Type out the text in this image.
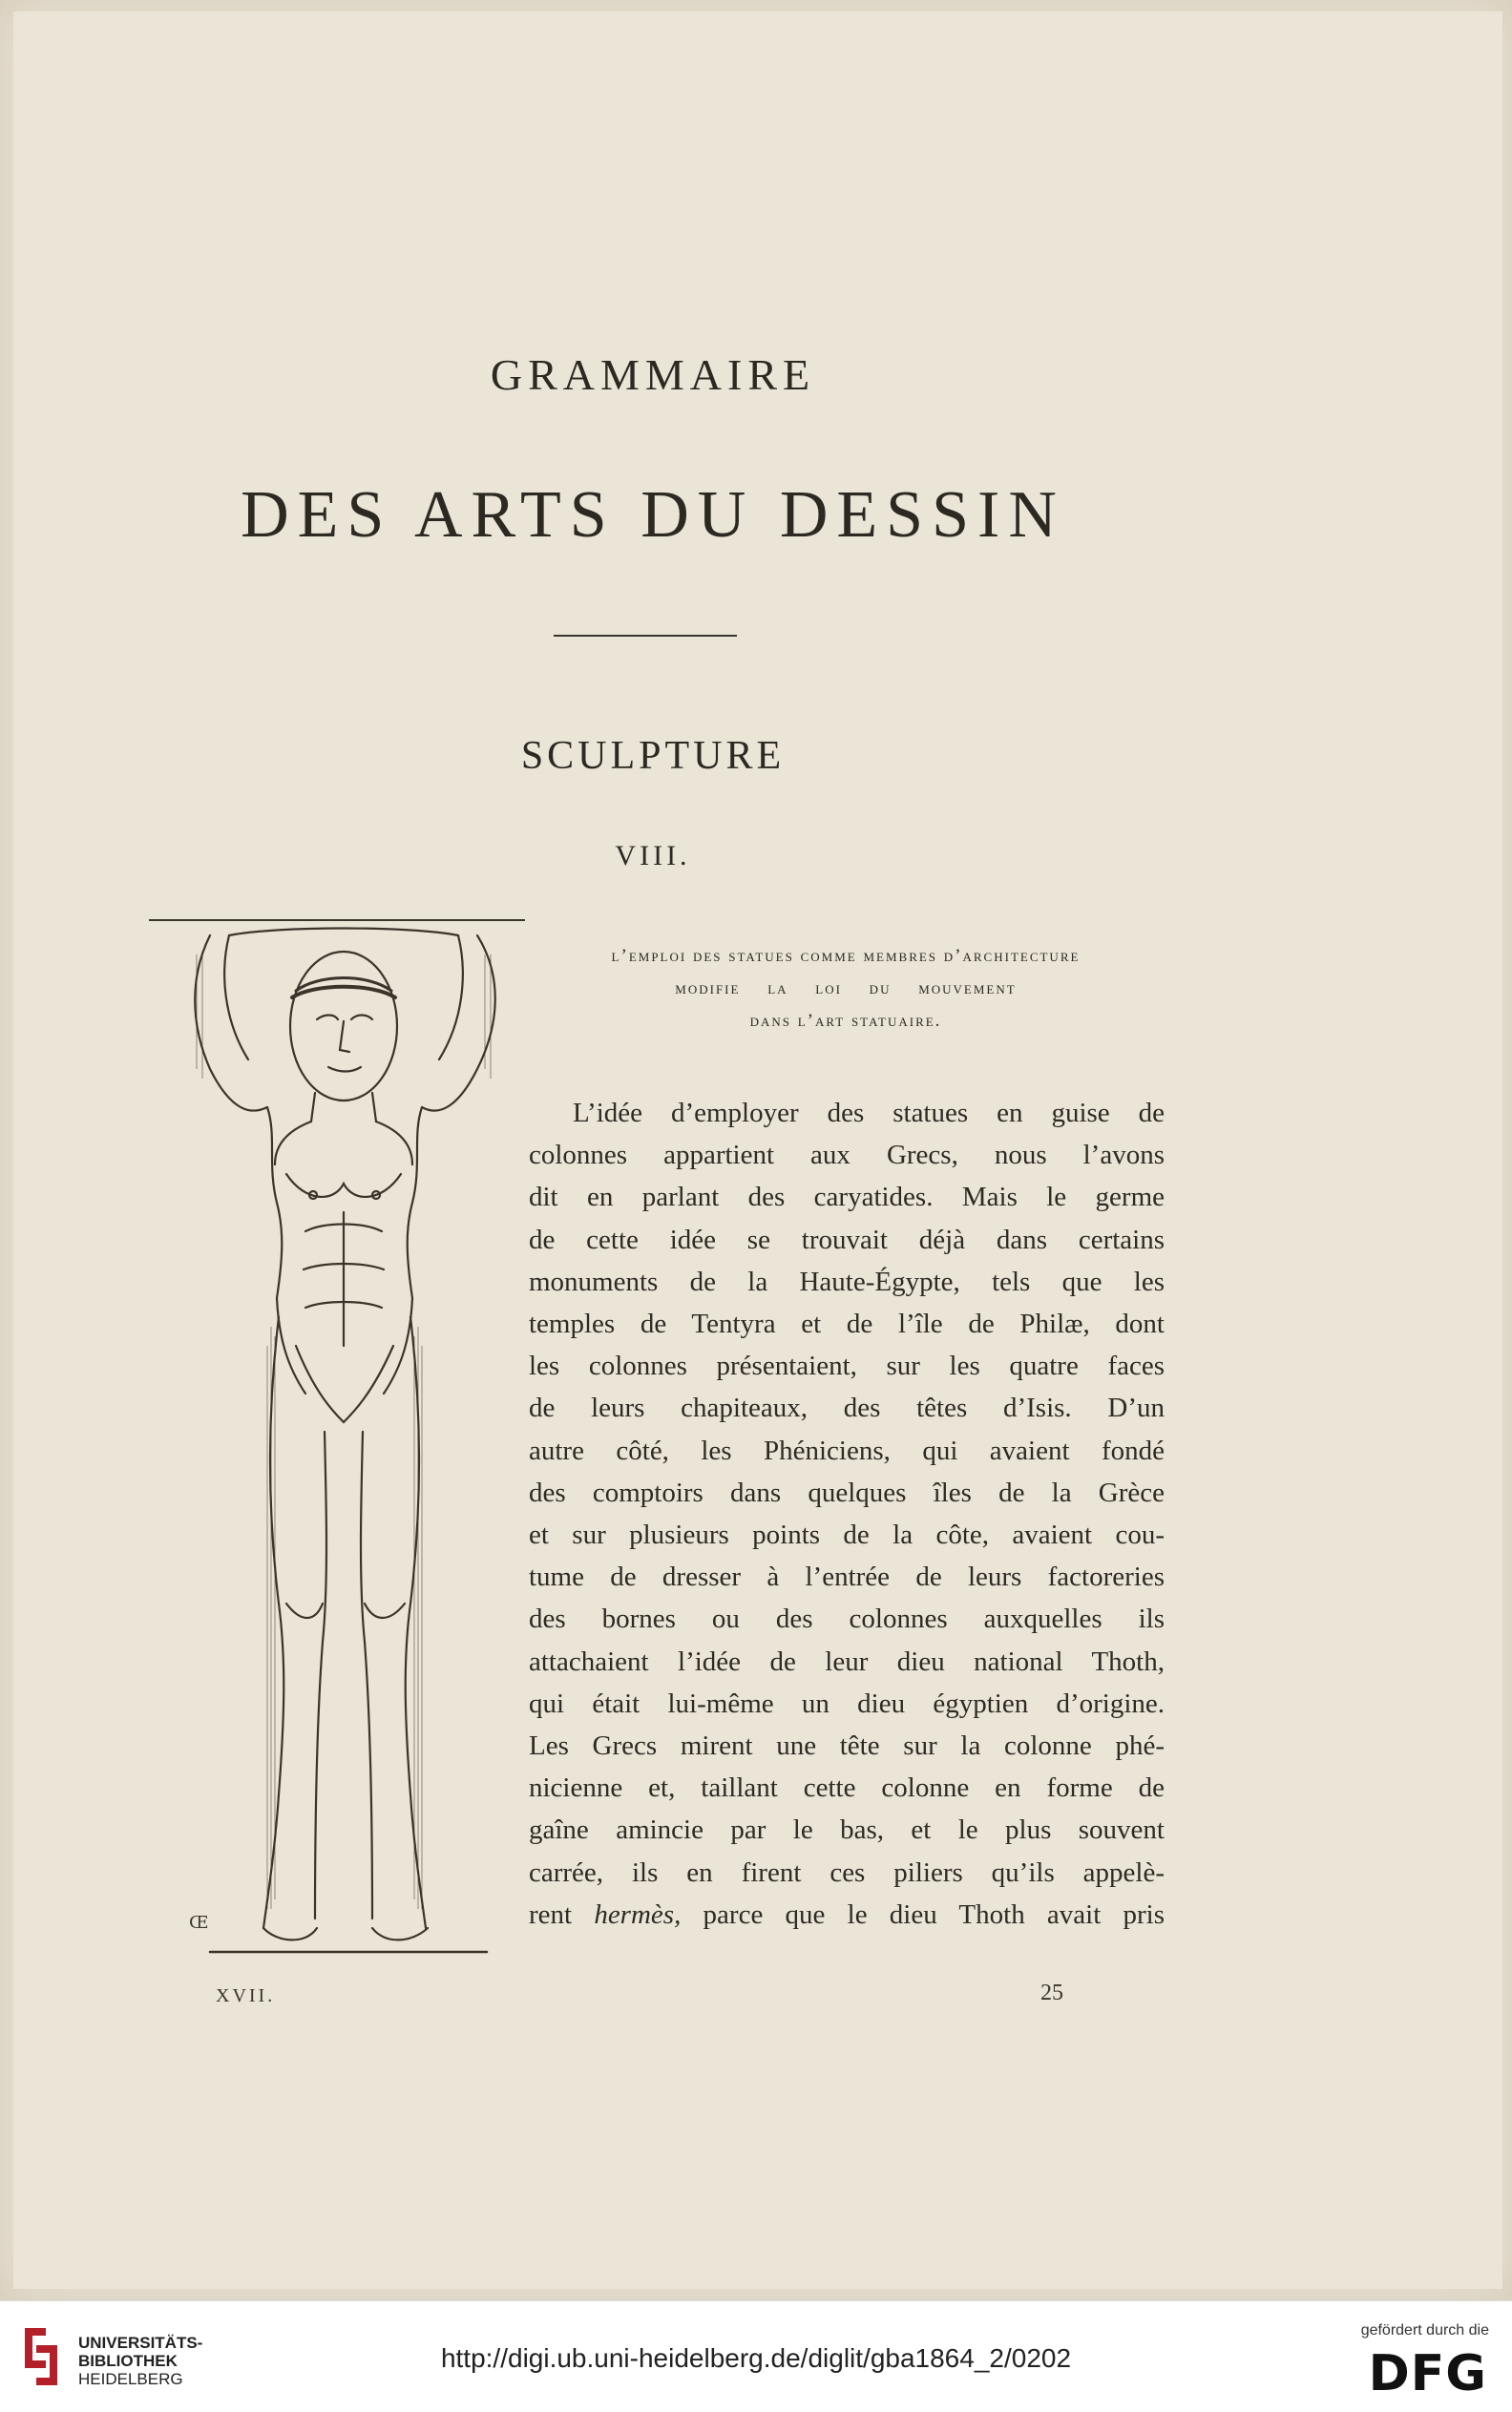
GRAMMAIRE
DES ARTS DU DESSIN
SCULPTURE
VIII.
l’emploi des statues comme membres d’architecture
modifie la loi du mouvement
dans l’art statuaire.
Œ
XVII.	25
L’idée d’employer des statues en guise de
colonnes appartient aux Grecs, nous l’avons
dit en parlant des caryatides. Mais le germe
de cette idée se trouvait déjà dans certains
monuments de la Haute-Égypte, tels que les
temples de Tentyra et de l’île de Philæ, dont
les colonnes présentaient, sur les quatre faces
de leurs chapiteaux, des têtes d’Isis. D’un
autre côté, les Phéniciens, qui avaient fondé
des comptoirs dans quelques îles de la Grèce
et sur plusieurs points de la côte, avaient cou-
tume de dresser à l’entrée de leurs factoreries
des bornes ou des colonnes auxquelles ils
attachaient l’idée de leur dieu national Thoth,
qui était lui-même un dieu égyptien d’origine.
Les Grecs mirent une tête sur la colonne phé-
nicienne et, taillant cette colonne en forme de
gaîne amincie par le bas, et le plus souvent
carrée, ils en firent ces piliers qu’ils appelè-
rent hermès, parce que le dieu Thoth avait pris
UNIVERSITÄTS-
BIBLIOTHEK
HEIDELBERG
http://digi.ub.uni-heidelberg.de/diglit/gba1864_2/0202
gefördert durch die
DFG
